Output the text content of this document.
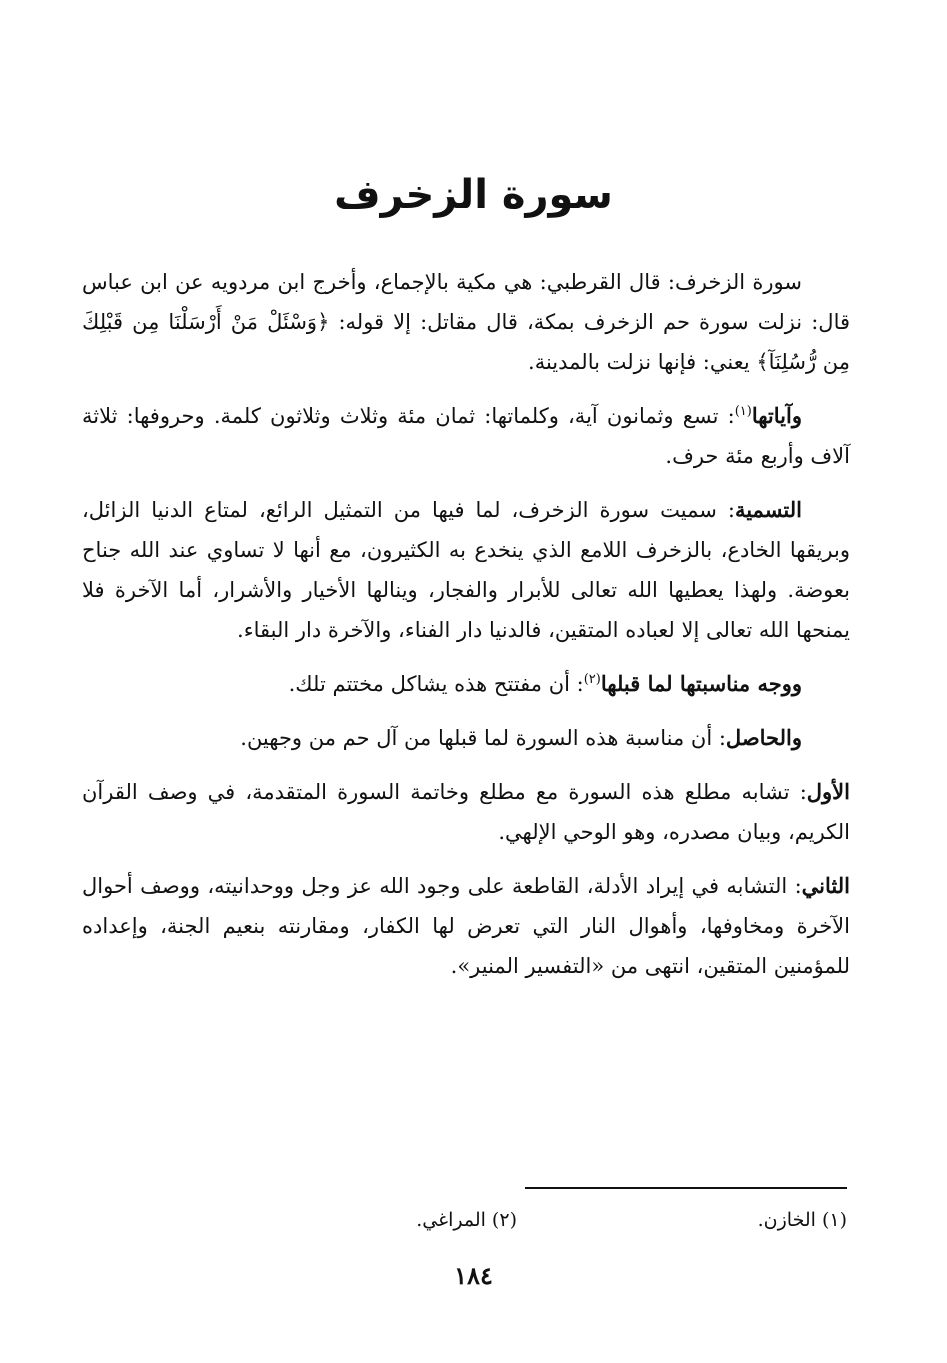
سورة الزخرف

سورة الزخرف: قال القرطبي: هي مكية بالإجماع، وأخرج ابن مردويه عن ابن عباس قال: نزلت سورة حم الزخرف بمكة، قال مقاتل: إلا قوله: ﴿وَسْئَلْ مَنْ أَرْسَلْنَا مِن قَبْلِكَ مِن رُّسُلِنَآ﴾ يعني: فإنها نزلت بالمدينة.

وآياتها$^{(١)}$: تسع وثمانون آية، وكلماتها: ثمان مئة وثلاث وثلاثون كلمة. وحروفها: ثلاثة آلاف وأربع مئة حرف.

التسمية: سميت سورة الزخرف، لما فيها من التمثيل الرائع، لمتاع الدنيا الزائل، وبريقها الخادع، بالزخرف اللامع الذي ينخدع به الكثيرون، مع أنها لا تساوي عند الله جناح بعوضة. ولهذا يعطيها الله تعالى للأبرار والفجار، وينالها الأخيار والأشرار، أما الآخرة فلا يمنحها الله تعالى إلا لعباده المتقين، فالدنيا دار الفناء، والآخرة دار البقاء.

ووجه مناسبتها لما قبلها$^{(٢)}$: أن مفتتح هذه يشاكل مختتم تلك.

والحاصل: أن مناسبة هذه السورة لما قبلها من آل حم من وجهين.

الأول: تشابه مطلع هذه السورة مع مطلع وخاتمة السورة المتقدمة، في وصف القرآن الكريم، وبيان مصدره، وهو الوحي الإلهي.

الثاني: التشابه في إيراد الأدلة، القاطعة على وجود الله عز وجل ووحدانيته، ووصف أحوال الآخرة ومخاوفها، وأهوال النار التي تعرض لها الكفار، ومقارنته بنعيم الجنة، وإعداده للمؤمنين المتقين، انتهى من «التفسير المنير».

(١) الخازن.
(٢) المراغي.
١٨٤
